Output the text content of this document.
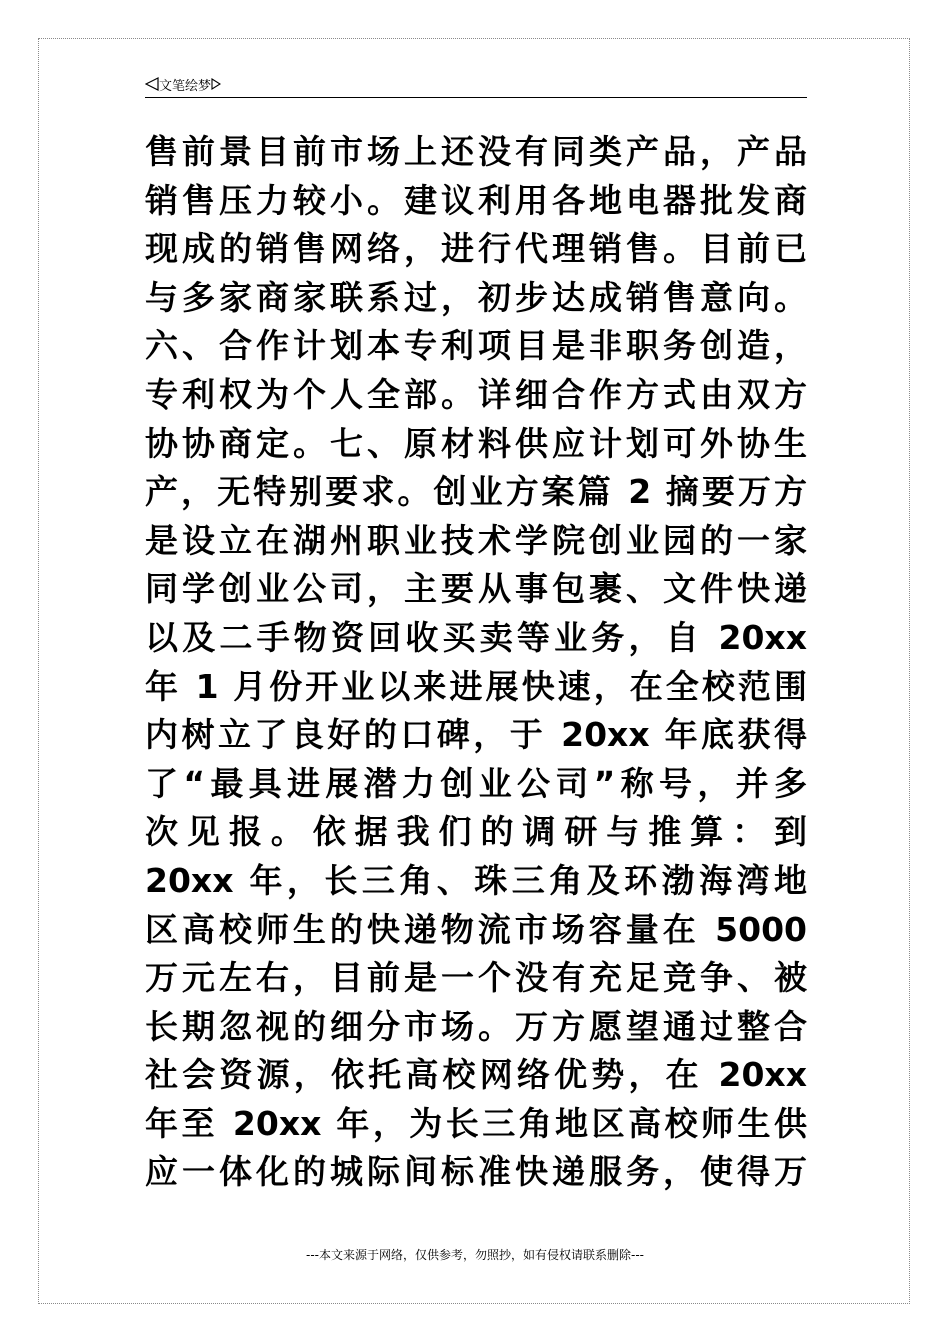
文笔绘梦
售前景目前市场上还没有同类产品，产品
销售压力较小。建议利用各地电器批发商
现成的销售网络，进行代理销售。目前已
与多家商家联系过，初步达成销售意向。
六、合作计划本专利项目是非职务创造，
专利权为个人全部。详细合作方式由双方
协协商定。七、原材料供应计划可外协生
产，无特别要求。创业方案篇 2 摘要万方
是设立在湖州职业技术学院创业园的一家
同学创业公司，主要从事包裹、文件快递
以及二手物资回收买卖等业务，自 20xx
年 1 月份开业以来进展快速，在全校范围
内树立了良好的口碑，于 20xx 年底获得
了“最具进展潜力创业公司”称号，并多
次见报。依据我们的调研与推算：到
20xx 年，长三角、珠三角及环渤海湾地
区高校师生的快递物流市场容量在 5000
万元左右，目前是一个没有充足竞争、被
长期忽视的细分市场。万方愿望通过整合
社会资源，依托高校网络优势，在 20xx
年至 20xx 年，为长三角地区高校师生供
应一体化的城际间标准快递服务，使得万
---本文来源于网络，仅供参考，勿照抄，如有侵权请联系删除---
